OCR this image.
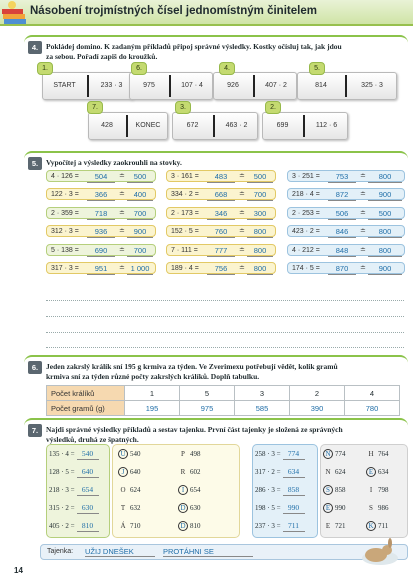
Násobení trojmístných čísel jednomístným činitelem
4.	Pokládej domino. K zadaným příkladů připoj správné výsledky. Kostky očísluj tak, jak jdou
za sebou. Pořadí zapiš do kroužků.
5.	Vypočítej a výsledky zaokrouhli na stovky.
6.	Jeden zakrslý králík sní 195 g krmiva za týden. Ve Zverimexu potřebují vědět, kolik gramů
krmiva sní za týden různé počty zakrslých králíků. Doplň tabulku.
Počet králíků	1	5	3	2	4
Počet gramů (g)	195	975	585	390	780
7.	Najdi správné výsledky příkladů a sestav tajenku. První část tajenky je složená ze správných
výsledků, druhá ze špatných.
Tajenka: UŽIJ DNEŠEK	PROTÁHNI SE
14
START	233 · 3
1.
975	107 · 4
6.
926	407 · 2
4.
814	325 · 3
5.
428	KONEC
7.
672	463 · 2
3.
699	112 · 6
2.
4 · 126 =	504	≐	500
122 · 3 =	366	≐	400
2 · 359 =	718	≐	700
312 · 3 =	936	≐	900
5 · 138 =	690	≐	700
317 · 3 =	951	≐ 1 000
3 · 161 =	483	≐	500
334 · 2 =	668	≐	700
2 · 173 =	346	≐	300
152 · 5 =	760	≐	800
7 · 111 =	777	≐	800
189 · 4 =	756	≐	800
3 · 251 =	753	≐	800
218 · 4 =	872	≐	900
2 · 253 =	506	≐	500
423 · 2 =	846	≐	800
4 · 212 =	848	≐	800
174 · 5 =	870	≐	900
135 · 4 = 540
128 · 5 = 640
218 · 3 = 654
315 · 2 = 630
405 · 2 = 810
U 540	P 498
J 640	R 602
O 624	I 654
T 632	D 630
Á 710	D 810
258 · 3 = 774
317 · 2 = 634
286 · 3 = 858
198 · 5 = 990
237 · 3 = 711
N 774	H 764
N 624	E 634
S 858	I 798
E 990	S 986
E 721	K 711
